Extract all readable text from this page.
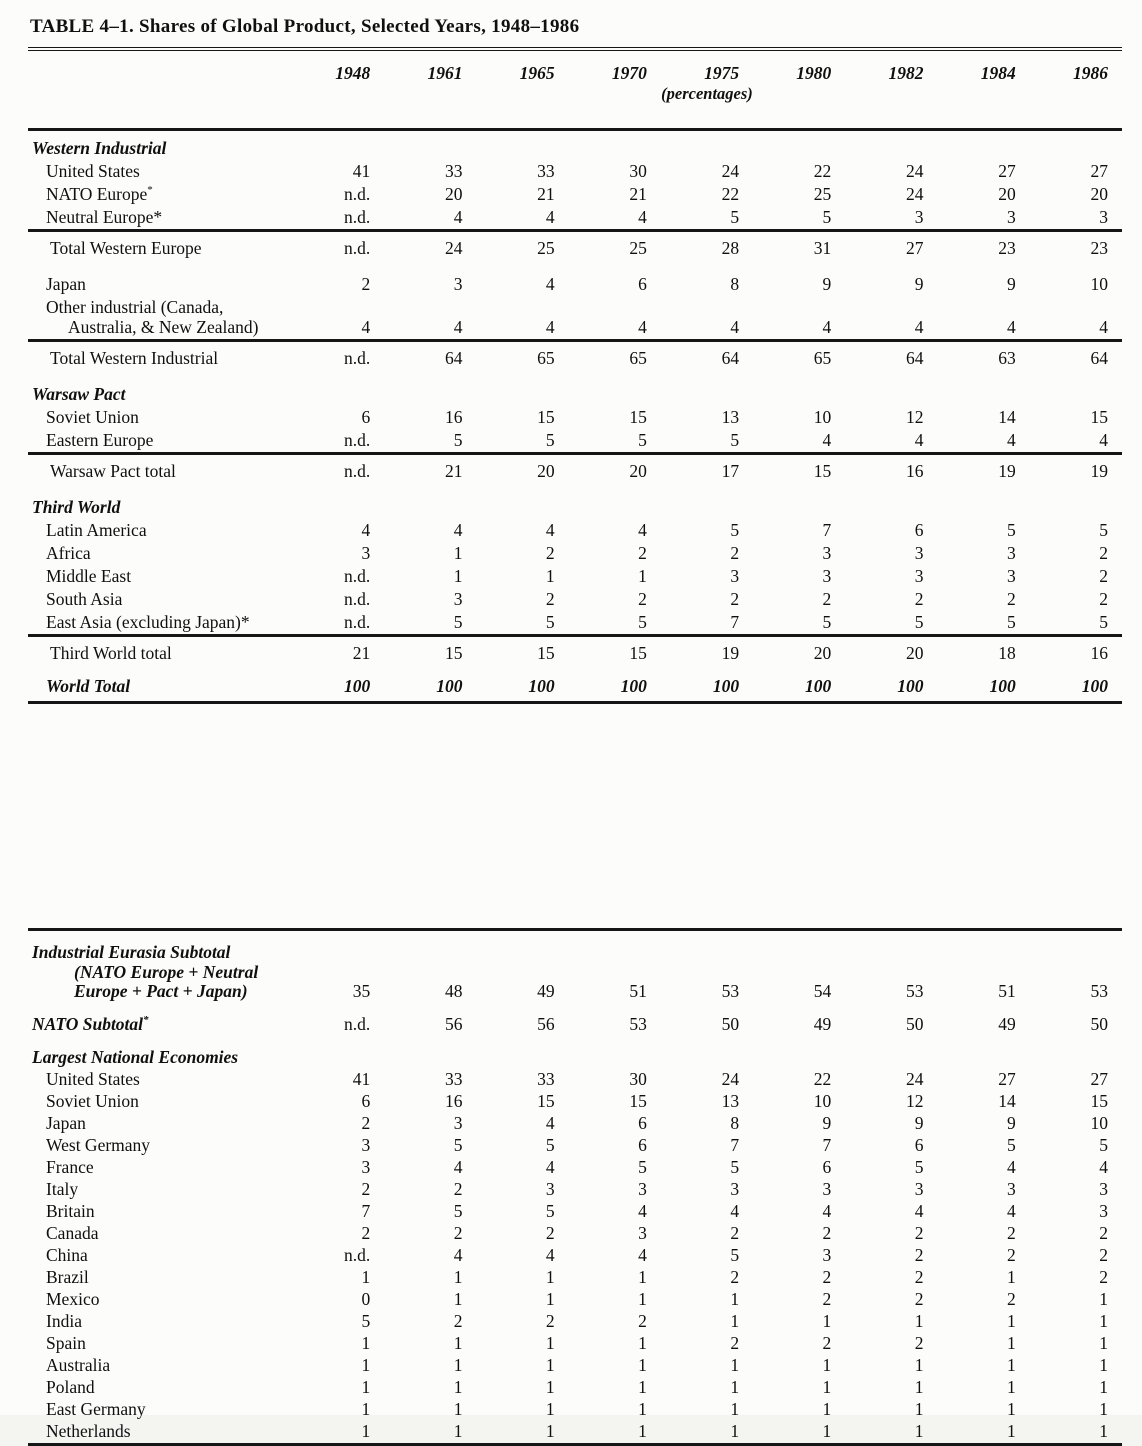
TABLE 4–1. Shares of Global Product, Selected Years, 1948–1986
	1948	1961	1965	1970	1975	1980	1982	1984	1986
					(percentages)				

Western Industrial									

United States	41	33	33	30	24	22	24	27	27

NATO Europe*	n.d.	20	21	21	22	25	24	20	20

Neutral Europe*	n.d.	4	4	4	5	5	3	3	3

Total Western Europe	n.d.	24	25	25	28	31	27	23	23

Japan	2	3	4	6	8	9	9	9	10

Other industrial (Canada,
Australia, & New Zealand)	4	4	4	4	4	4	4	4	4

Total Western Industrial	n.d.	64	65	65	64	65	64	63	64

Warsaw Pact									

Soviet Union	6	16	15	15	13	10	12	14	15

Eastern Europe	n.d.	5	5	5	5	4	4	4	4

Warsaw Pact total	n.d.	21	20	20	17	15	16	19	19

Third World									

Latin America	4	4	4	4	5	7	6	5	5

Africa	3	1	2	2	2	3	3	3	2

Middle East	n.d.	1	1	1	3	3	3	3	2

South Asia	n.d.	3	2	2	2	2	2	2	2

East Asia (excluding Japan)*	n.d.	5	5	5	7	5	5	5	5

Third World total	21	15	15	15	19	20	20	18	16

World Total	100	100	100	100	100	100	100	100	100
Industrial Eurasia Subtotal
(NATO Europe + Neutral
Europe + Pact + Japan)	35	48	49	51	53	54	53	51	53

NATO Subtotal*	n.d.	56	56	53	50	49	50	49	50

Largest National Economies									

United States	41	33	33	30	24	22	24	27	27

Soviet Union	6	16	15	15	13	10	12	14	15

Japan	2	3	4	6	8	9	9	9	10

West Germany	3	5	5	6	7	7	6	5	5

France	3	4	4	5	5	6	5	4	4

Italy	2	2	3	3	3	3	3	3	3

Britain	7	5	5	4	4	4	4	4	3

Canada	2	2	2	3	2	2	2	2	2

China	n.d.	4	4	4	5	3	2	2	2

Brazil	1	1	1	1	2	2	2	1	2

Mexico	0	1	1	1	1	2	2	2	1

India	5	2	2	2	1	1	1	1	1

Spain	1	1	1	1	2	2	2	1	1

Australia	1	1	1	1	1	1	1	1	1

Poland	1	1	1	1	1	1	1	1	1

East Germany	1	1	1	1	1	1	1	1	1

Netherlands	1	1	1	1	1	1	1	1	1
